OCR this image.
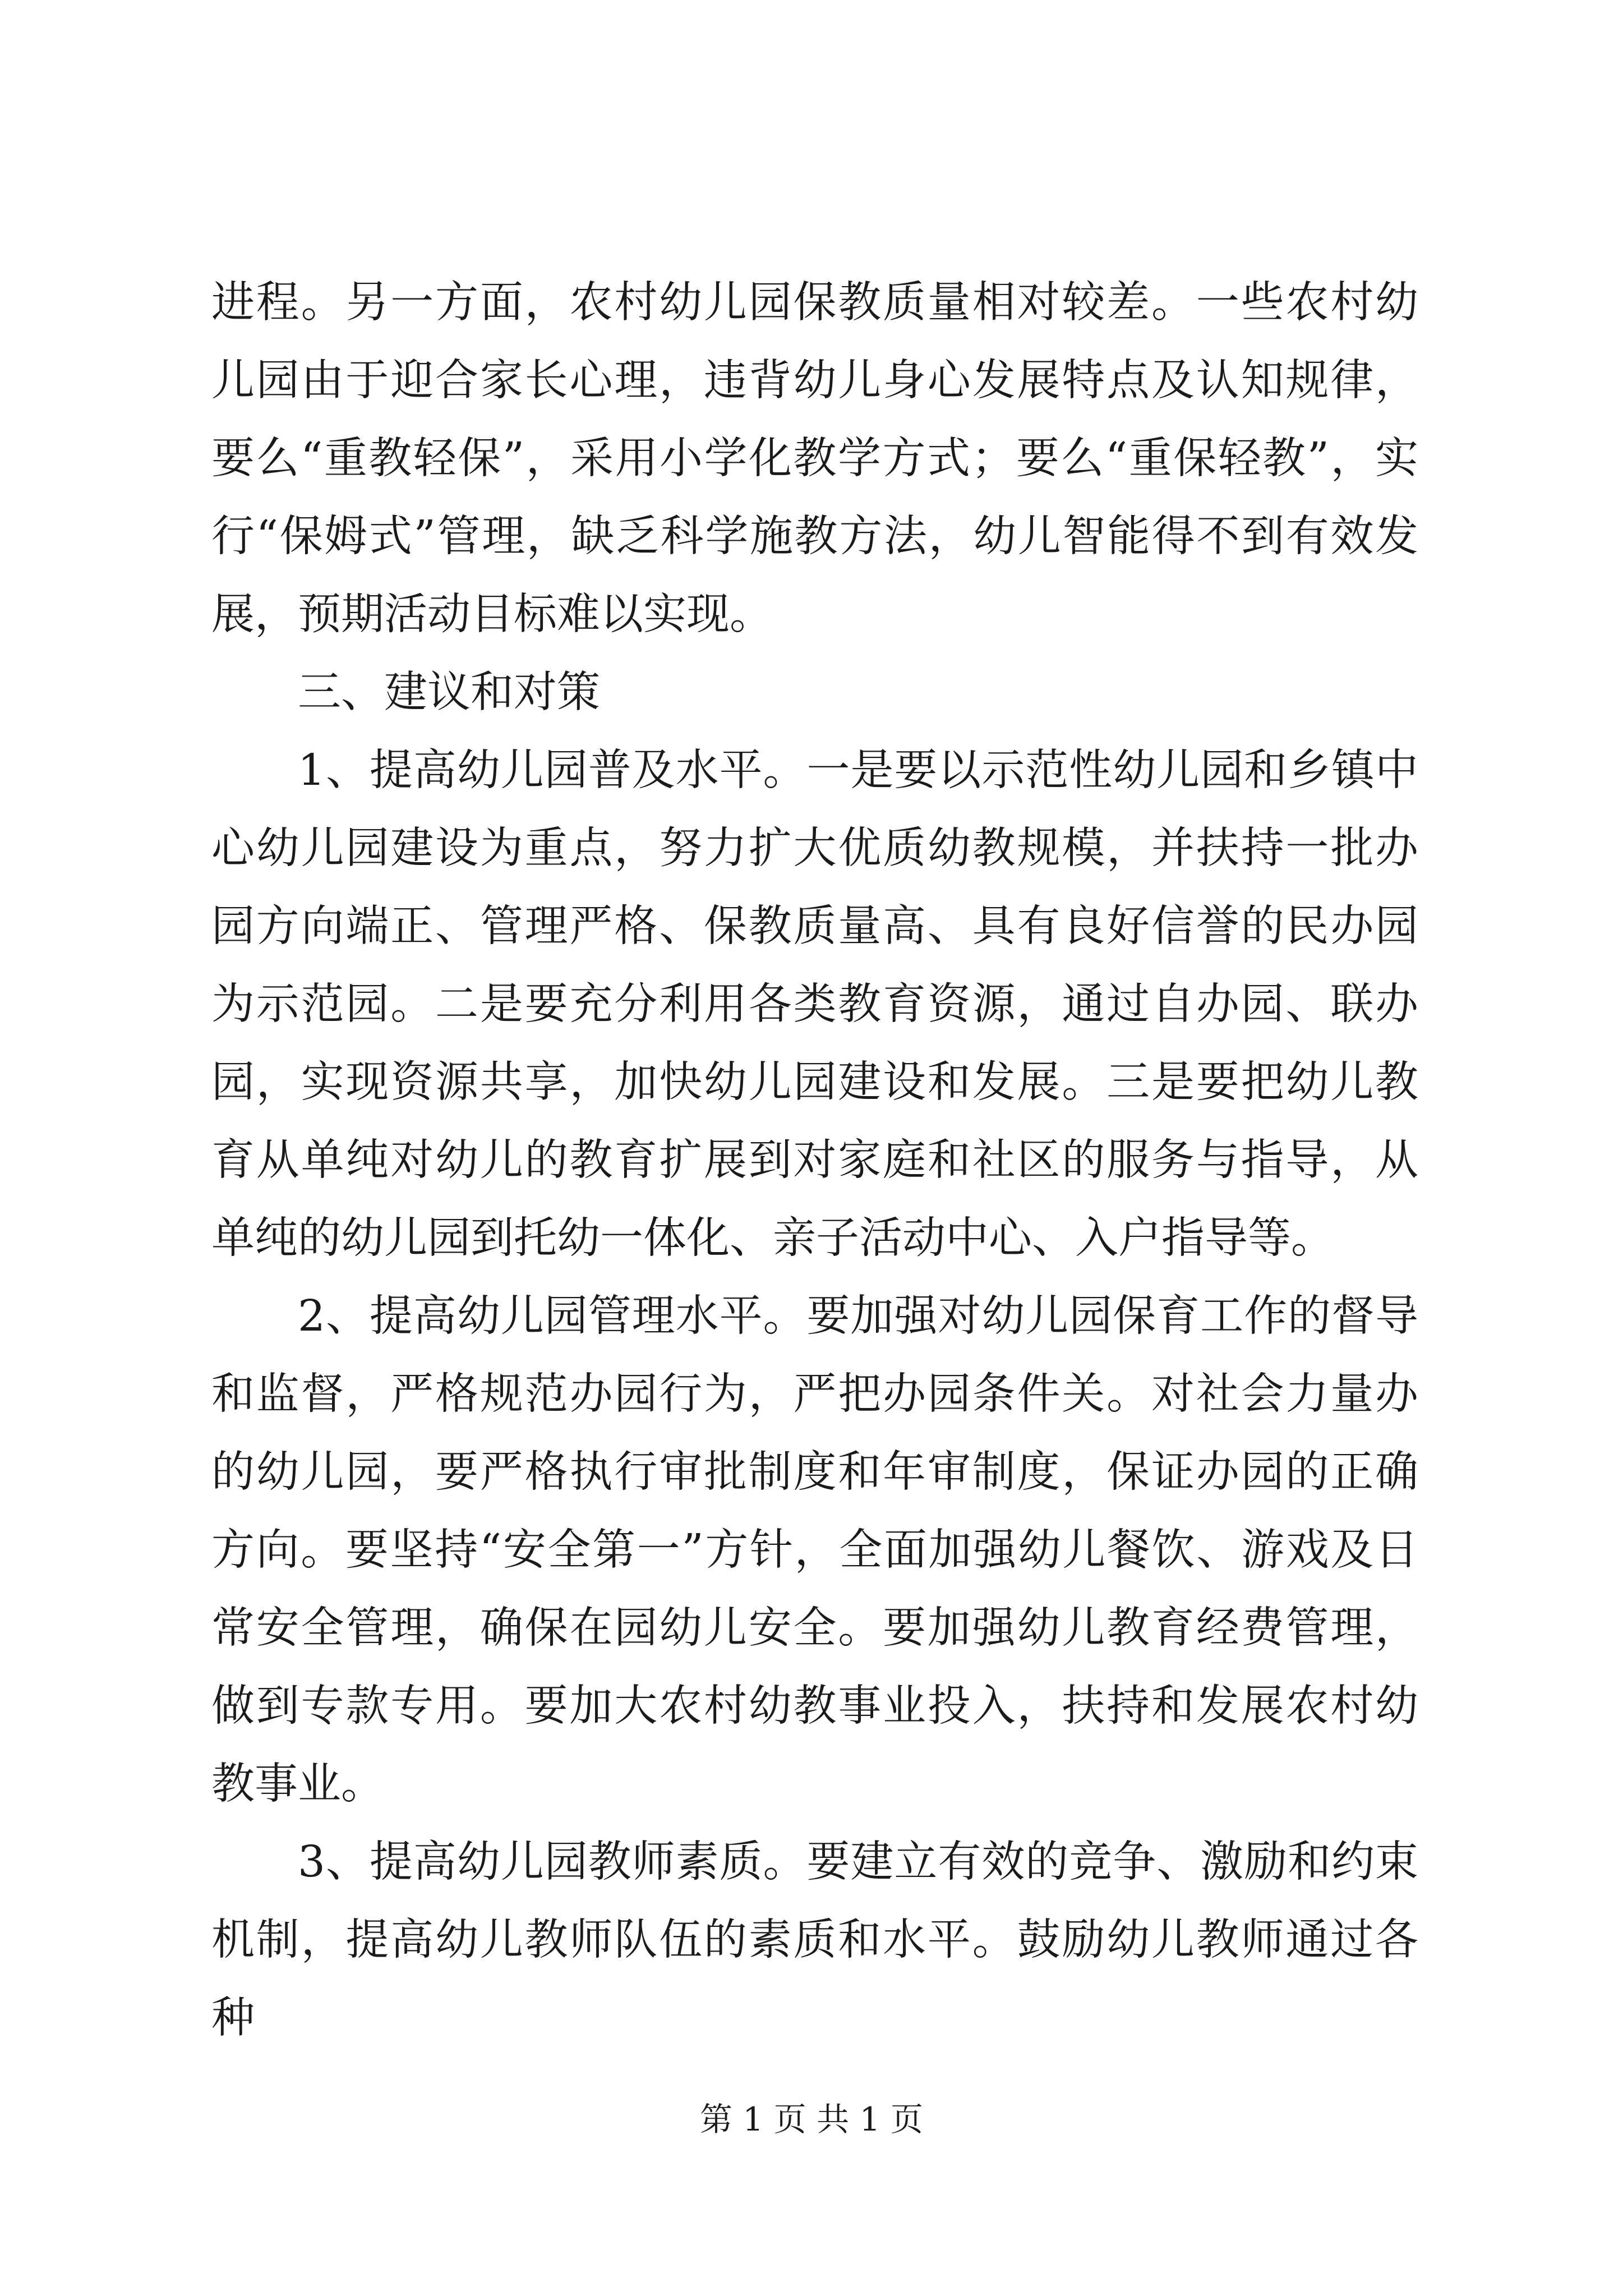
进程。另一方面，农村幼儿园保教质量相对较差。一些农村幼儿园由于迎合家长心理，违背幼儿身心发展特点及认知规律，要么“重教轻保”，采用小学化教学方式；要么“重保轻教”，实行“保姆式”管理，缺乏科学施教方法，幼儿智能得不到有效发展，预期活动目标难以实现。

三、建议和对策

1、提高幼儿园普及水平。一是要以示范性幼儿园和乡镇中心幼儿园建设为重点，努力扩大优质幼教规模，并扶持一批办园方向端正、管理严格、保教质量高、具有良好信誉的民办园为示范园。二是要充分利用各类教育资源，通过自办园、联办园，实现资源共享，加快幼儿园建设和发展。三是要把幼儿教育从单纯对幼儿的教育扩展到对家庭和社区的服务与指导，从单纯的幼儿园到托幼一体化、亲子活动中心、入户指导等。

2、提高幼儿园管理水平。要加强对幼儿园保育工作的督导和监督，严格规范办园行为，严把办园条件关。对社会力量办的幼儿园，要严格执行审批制度和年审制度，保证办园的正确方向。要坚持“安全第一”方针，全面加强幼儿餐饮、游戏及日常安全管理，确保在园幼儿安全。要加强幼儿教育经费管理，做到专款专用。要加大农村幼教事业投入，扶持和发展农村幼教事业。

3、提高幼儿园教师素质。要建立有效的竞争、激励和约束机制，提高幼儿教师队伍的素质和水平。鼓励幼儿教师通过各种

第 1 页 共 1 页
